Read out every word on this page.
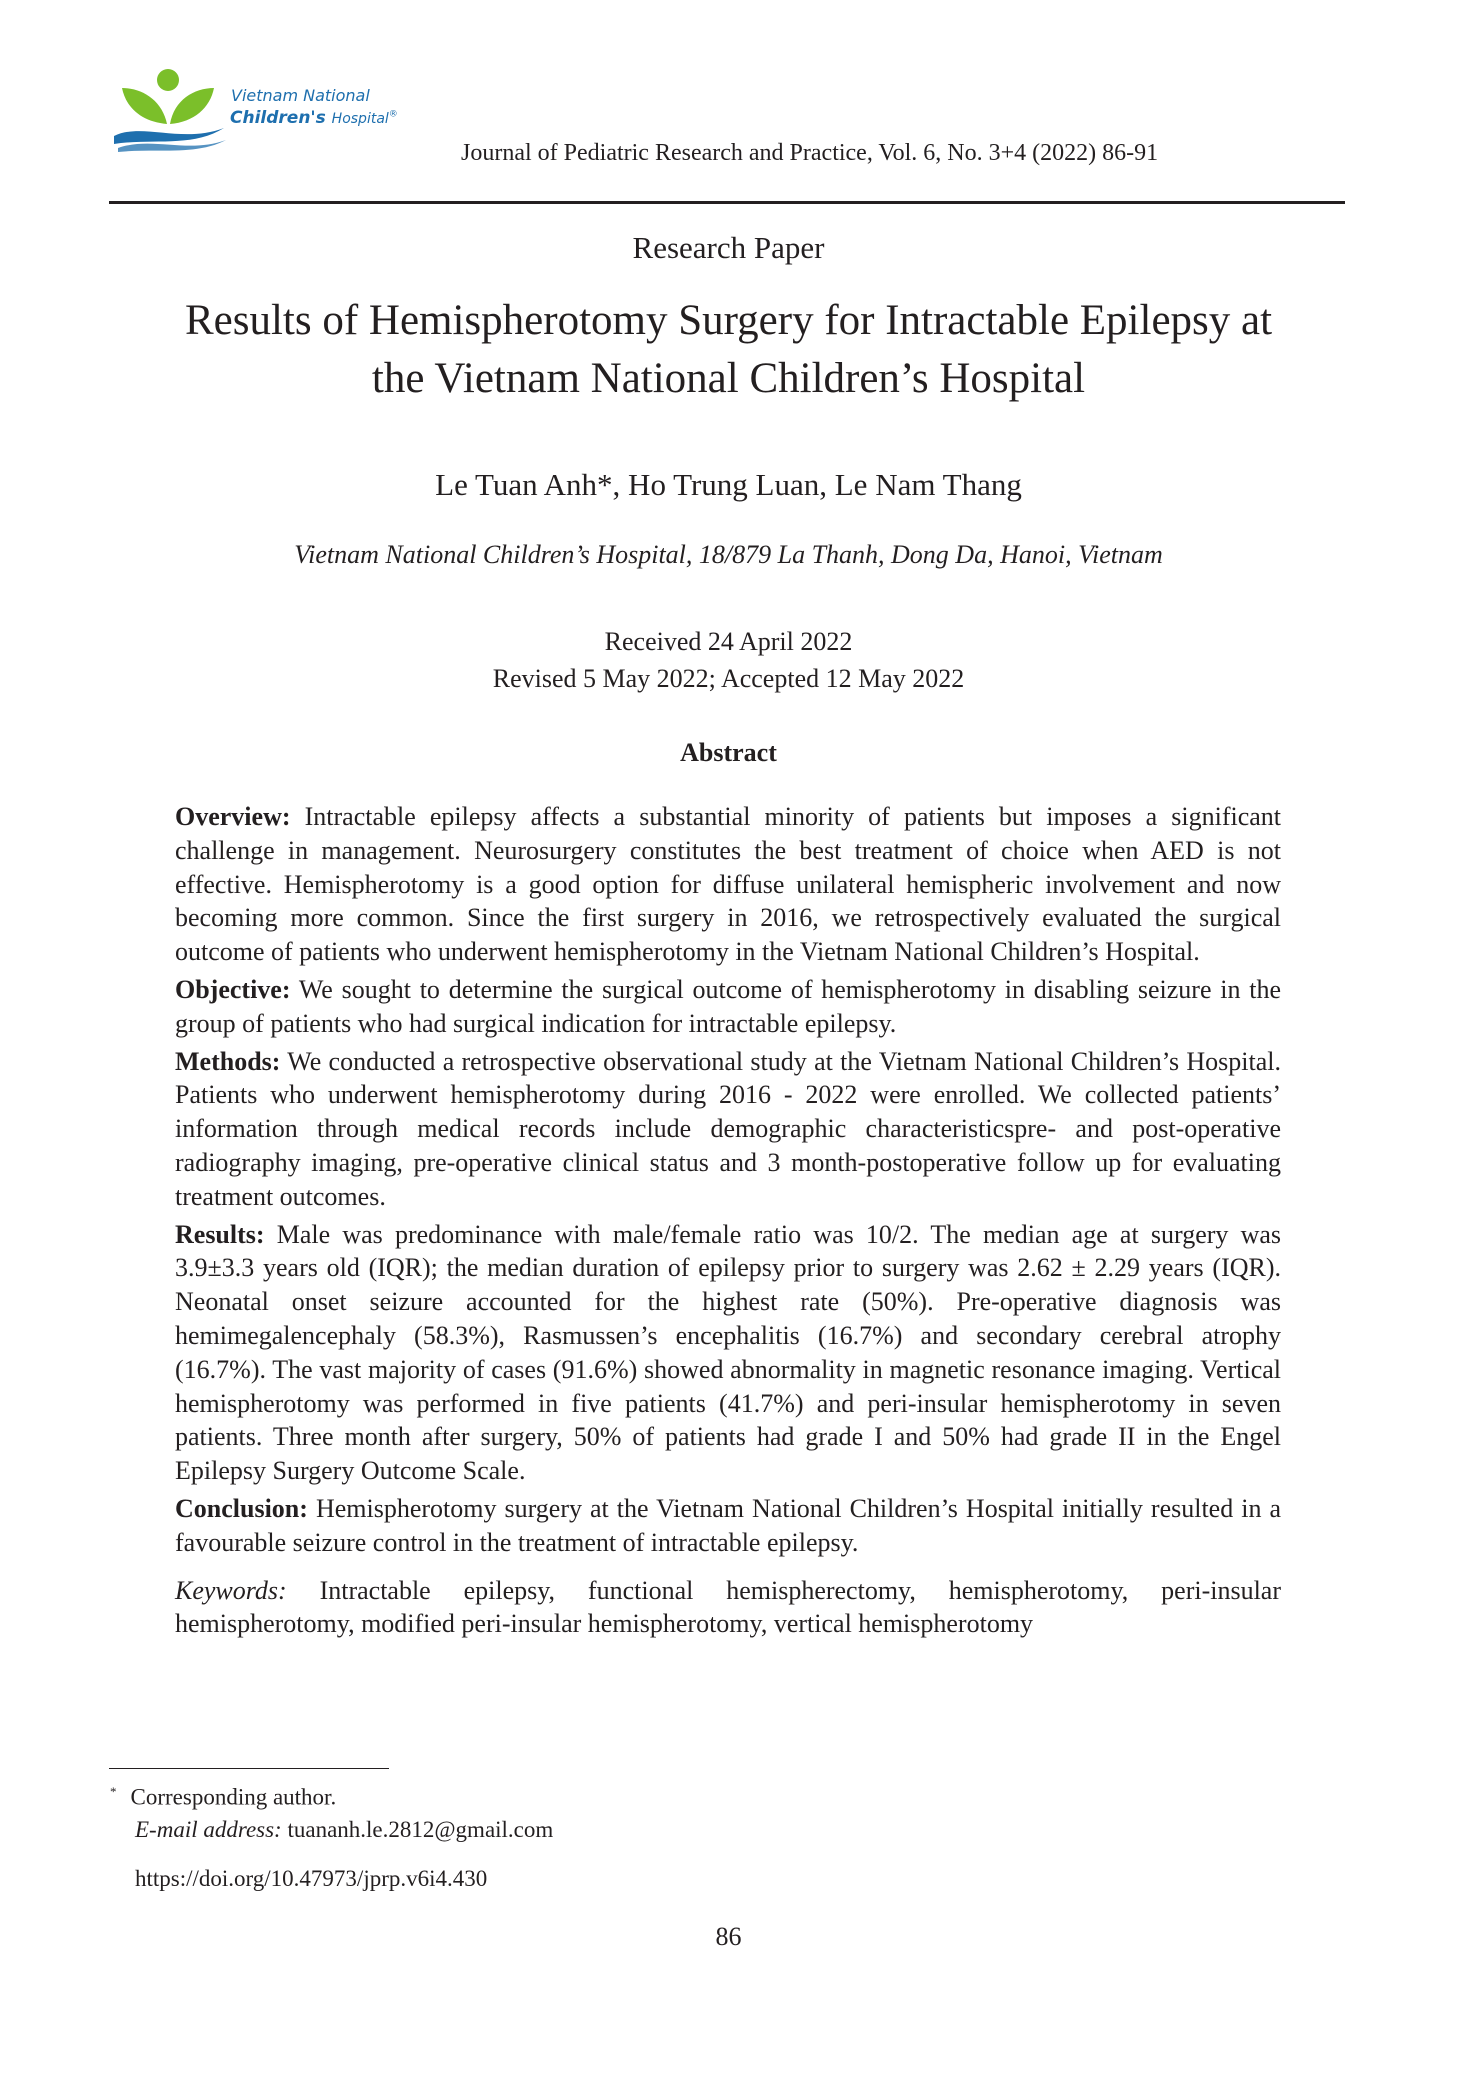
Vietnam National
Children's Hospital®
Journal of Pediatric Research and Practice, Vol. 6, No. 3+4 (2022) 86-91
Research Paper
Results of Hemispherotomy Surgery for Intractable Epilepsy at
the Vietnam National Children’s Hospital
Le Tuan Anh*, Ho Trung Luan, Le Nam Thang
Vietnam National Children’s Hospital, 18/879 La Thanh, Dong Da, Hanoi, Vietnam
Received 24 April 2022
Revised 5 May 2022; Accepted 12 May 2022
Abstract

Overview: Intractable epilepsy affects a substantial minority of patients but imposes a significant challenge in management. Neurosurgery constitutes the best treatment of choice when AED is not effective. Hemispherotomy is a good option for diffuse unilateral hemispheric involvement and now becoming more common. Since the first surgery in 2016, we retrospectively evaluated the surgical outcome of patients who underwent hemispherotomy in the Vietnam National Children’s Hospital.

Objective: We sought to determine the surgical outcome of hemispherotomy in disabling seizure in the group of patients who had surgical indication for intractable epilepsy.

Methods: We conducted a retrospective observational study at the Vietnam National Children’s Hospital. Patients who underwent hemispherotomy during 2016 - 2022 were enrolled. We collected patients’ information through medical records include demographic characteristicspre- and post-operative radiography imaging, pre-operative clinical status and 3 month-postoperative follow up for evaluating treatment outcomes.

Results: Male was predominance with male/female ratio was 10/2. The median age at surgery was 3.9±3.3 years old (IQR); the median duration of epilepsy prior to surgery was 2.62 ± 2.29 years (IQR). Neonatal onset seizure accounted for the highest rate (50%). Pre-operative diagnosis was hemimegalencephaly (58.3%), Rasmussen’s encephalitis (16.7%) and secondary cerebral atrophy (16.7%). The vast majority of cases (91.6%) showed abnormality in magnetic resonance imaging. Vertical hemispherotomy was performed in five patients (41.7%) and peri-insular hemispherotomy in seven patients. Three month after surgery, 50% of patients had grade I and 50% had grade II in the Engel Epilepsy Surgery Outcome Scale.

Conclusion: Hemispherotomy surgery at the Vietnam National Children’s Hospital initially resulted in a favourable seizure control in the treatment of intractable epilepsy.

Keywords: Intractable epilepsy, functional hemispherectomy, hemispherotomy, peri-insular hemispherotomy, modified peri-insular hemispherotomy, vertical hemispherotomy

* Corresponding author.
E-mail address: tuananh.le.2812@gmail.com
https://doi.org/10.47973/jprp.v6i4.430
86
